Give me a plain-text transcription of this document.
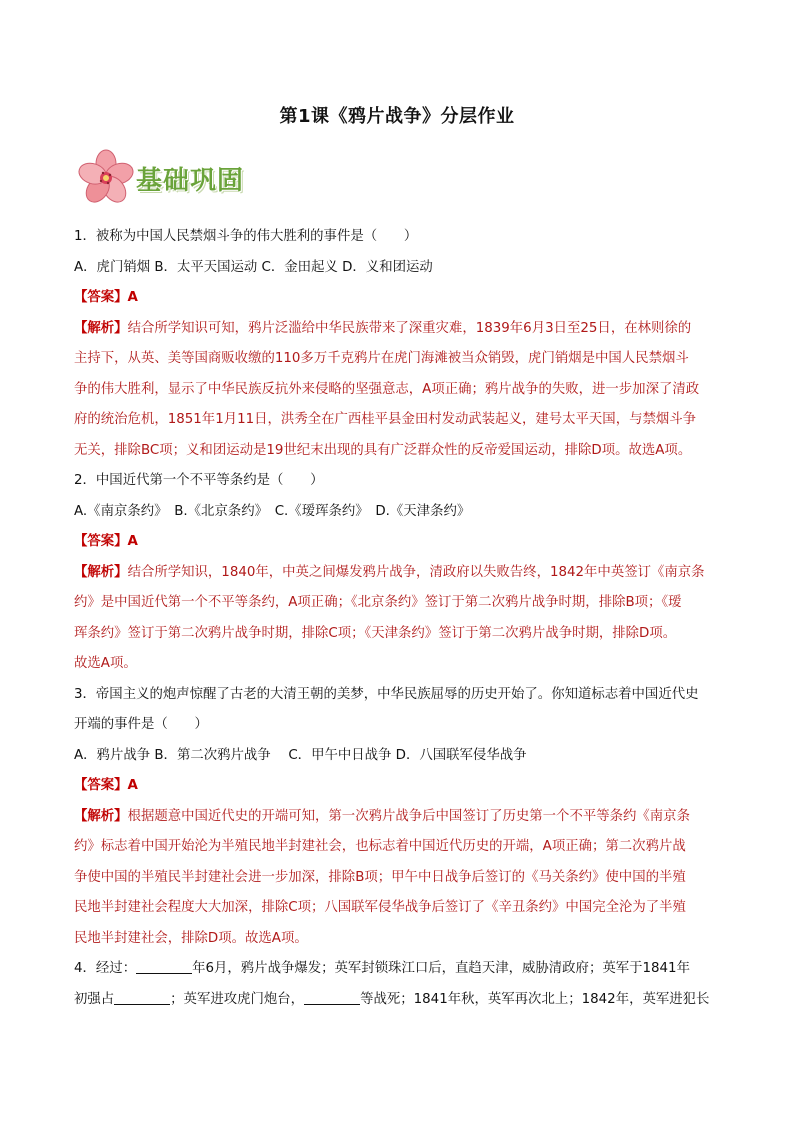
第1课《鸦片战争》分层作业
基础巩固
1．被称为中国人民禁烟斗争的伟大胜利的事件是（　　）
A．虎门销烟 B．太平天国运动 C．金田起义 D．义和团运动
【答案】A
【解析】结合所学知识可知，鸦片泛滥给中华民族带来了深重灾难，1839年6月3日至25日，在林则徐的
主持下，从英、美等国商贩收缴的110多万千克鸦片在虎门海滩被当众销毁，虎门销烟是中国人民禁烟斗
争的伟大胜利，显示了中华民族反抗外来侵略的坚强意志，A项正确；鸦片战争的失败，进一步加深了清政
府的统治危机，1851年1月11日，洪秀全在广西桂平县金田村发动武装起义，建号太平天国，与禁烟斗争
无关，排除BC项；义和团运动是19世纪末出现的具有广泛群众性的反帝爱国运动，排除D项。故选A项。
2．中国近代第一个不平等条约是（　　）
A.《南京条约》　B.《北京条约》　C.《瑷珲条约》　D.《天津条约》
【答案】A
【解析】结合所学知识，1840年，中英之间爆发鸦片战争，清政府以失败告终，1842年中英签订《南京条
约》是中国近代第一个不平等条约，A项正确；《北京条约》签订于第二次鸦片战争时期，排除B项；《瑷
珲条约》签订于第二次鸦片战争时期，排除C项；《天津条约》签订于第二次鸦片战争时期，排除D项。
故选A项。
3．帝国主义的炮声惊醒了古老的大清王朝的美梦，中华民族屈辱的历史开始了。你知道标志着中国近代史
开端的事件是（　　）
A．鸦片战争 B．第二次鸦片战争　 C．甲午中日战争 D．八国联军侵华战争
【答案】A
【解析】根据题意中国近代史的开端可知，第一次鸦片战争后中国签订了历史第一个不平等条约《南京条
约》标志着中国开始沦为半殖民地半封建社会，也标志着中国近代历史的开端，A项正确；第二次鸦片战
争使中国的半殖民半封建社会进一步加深，排除B项；甲午中日战争后签订的《马关条约》使中国的半殖
民地半封建社会程度大大加深，排除C项；八国联军侵华战争后签订了《辛丑条约》中国完全沦为了半殖
民地半封建社会，排除D项。故选A项。
4．经过：	年6月，鸦片战争爆发；英军封锁珠江口后，直趋天津，威胁清政府；英军于1841年
初强占	；英军进攻虎门炮台，	等战死；1841年秋，英军再次北上；1842年，英军进犯长
